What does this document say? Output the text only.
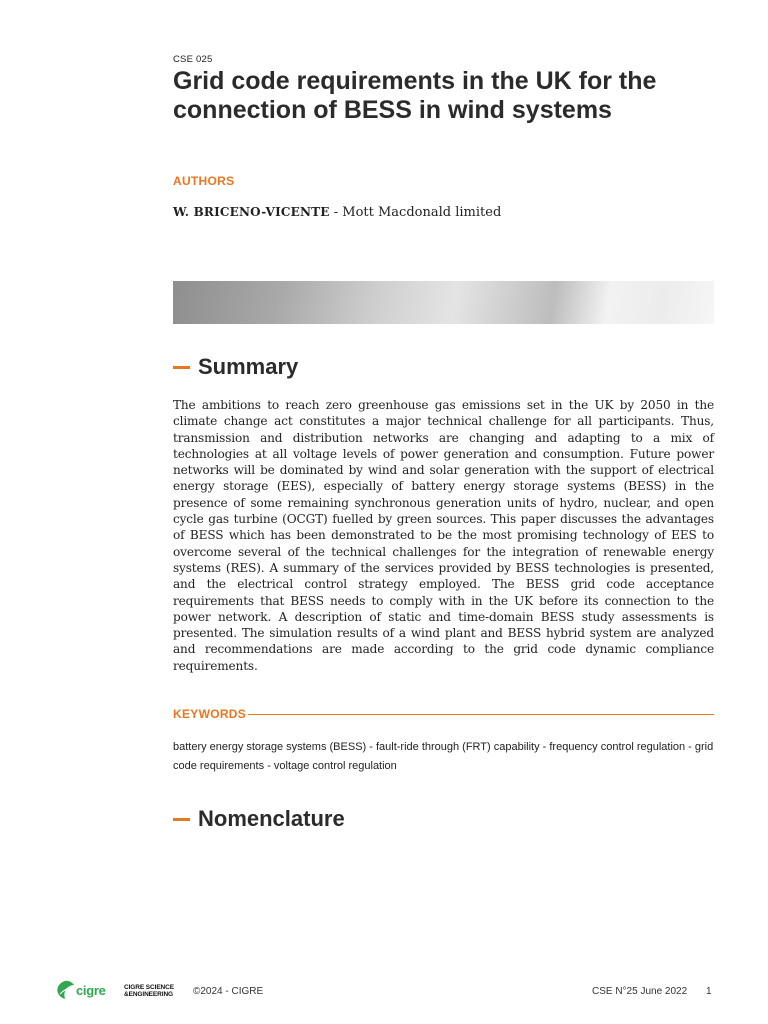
CSE 025
Grid code requirements in the UK for the connection of BESS in wind systems
AUTHORS
W. BRICENO-VICENTE - Mott Macdonald limited
Summary

The ambitions to reach zero greenhouse gas emissions set in the UK by 2050 in the climate change act constitutes a major technical challenge for all participants. Thus, transmission and distribution networks are changing and adapting to a mix of technologies at all voltage levels of power generation and consumption. Future power networks will be dominated by wind and solar generation with the support of electrical energy storage (EES), especially of battery energy storage systems (BESS) in the presence of some remaining synchronous generation units of hydro, nuclear, and open cycle gas turbine (OCGT) fuelled by green sources. This paper discusses the advantages of BESS which has been demonstrated to be the most promising technology of EES to overcome several of the technical challenges for the integration of renewable energy systems (RES). A summary of the services provided by BESS technologies is presented, and the electrical control strategy employed. The BESS grid code acceptance requirements that BESS needs to comply with in the UK before its connection to the power network. A description of static and time-domain BESS study assessments is presented. The simulation results of a wind plant and BESS hybrid system are analyzed and recommendations are made according to the grid code dynamic compliance requirements.

KEYWORDS

battery energy storage systems (BESS) - fault-ride through (FRT) capability - frequency control regulation - grid code requirements - voltage control regulation

Nomenclature
cigre	CIGRE SCIENCE
&ENGINEERING ©2024 - CIGRE	CSE N°25 June 2022 1
